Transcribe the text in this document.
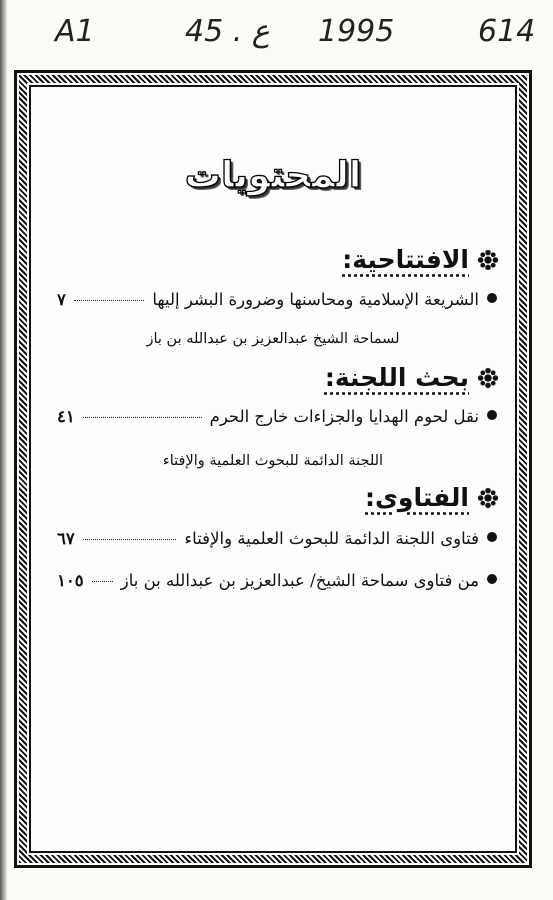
A1	45 . ع 1995	614
المحتويات
الافتتاحية:
الشريعة الإسلامية ومحاسنها وضرورة البشر إليها
٧
لسماحة الشيخ عبدالعزيز بن عبدالله بن باز
بحث اللجنة:
نقل لحوم الهدايا والجزاءات خارج الحرم
٤١
اللجنة الدائمة للبحوث العلمية والإفتاء
الفتاوى:
فتاوى اللجنة الدائمة للبحوث العلمية والإفتاء
٦٧
من فتاوى سماحة الشيخ/ عبدالعزيز بن عبدالله بن باز
١٠٥
